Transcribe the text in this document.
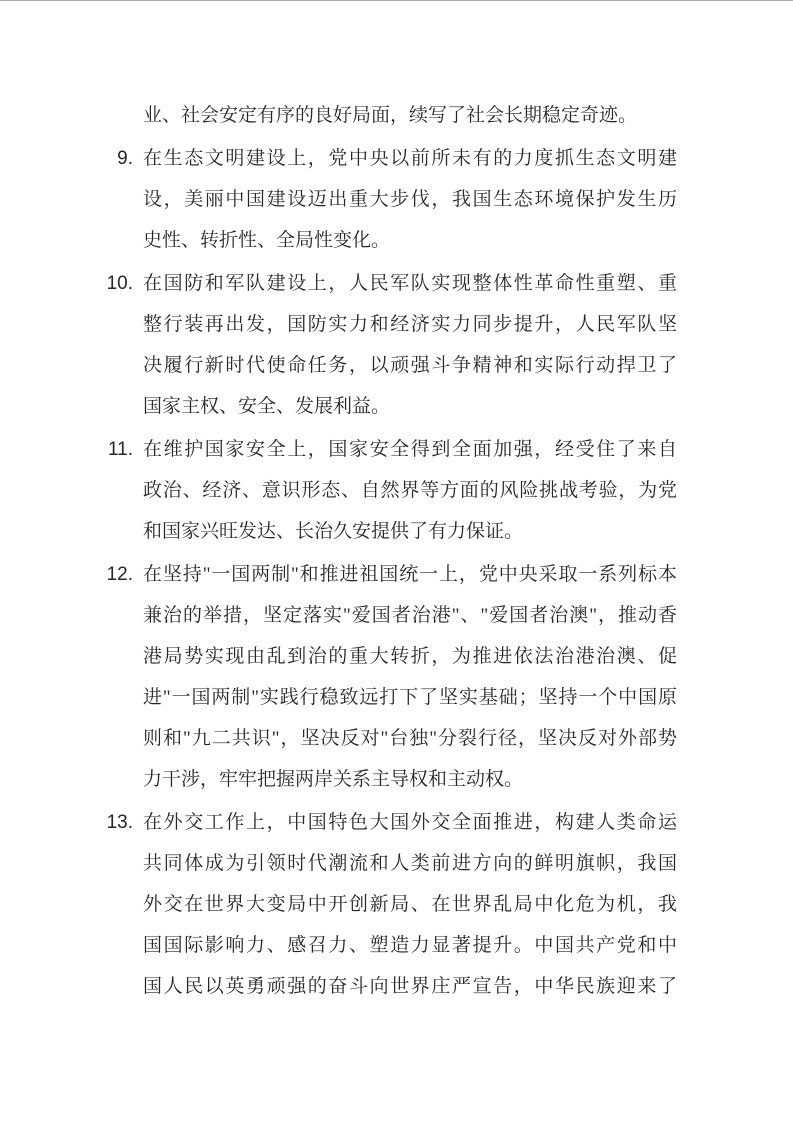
业、社会安定有序的良好局面，续写了社会长期稳定奇迹。
9. 在生态文明建设上，党中央以前所未有的力度抓生态文明建
设，美丽中国建设迈出重大步伐，我国生态环境保护发生历
史性、转折性、全局性变化。
10. 在国防和军队建设上，人民军队实现整体性革命性重塑、重
整行装再出发，国防实力和经济实力同步提升，人民军队坚
决履行新时代使命任务，以顽强斗争精神和实际行动捍卫了
国家主权、安全、发展利益。
11. 在维护国家安全上，国家安全得到全面加强，经受住了来自
政治、经济、意识形态、自然界等方面的风险挑战考验，为党
和国家兴旺发达、长治久安提供了有力保证。
12. 在坚持"一国两制"和推进祖国统一上，党中央采取一系列标本
兼治的举措，坚定落实"爱国者治港"、"爱国者治澳"，推动香
港局势实现由乱到治的重大转折，为推进依法治港治澳、促
进"一国两制"实践行稳致远打下了坚实基础；坚持一个中国原
则和"九二共识"，坚决反对"台独"分裂行径，坚决反对外部势
力干涉，牢牢把握两岸关系主导权和主动权。
13. 在外交工作上，中国特色大国外交全面推进，构建人类命运
共同体成为引领时代潮流和人类前进方向的鲜明旗帜，我国
外交在世界大变局中开创新局、在世界乱局中化危为机，我
国国际影响力、感召力、塑造力显著提升。中国共产党和中
国人民以英勇顽强的奋斗向世界庄严宣告，中华民族迎来了
